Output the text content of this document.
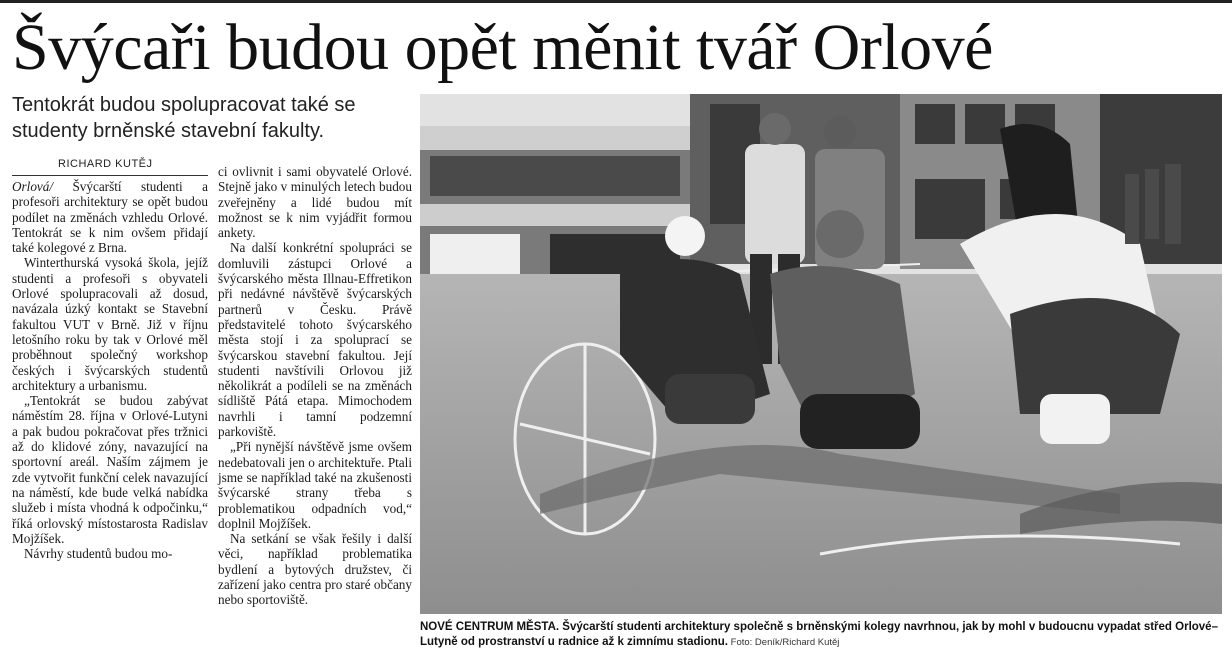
Švýcaři budou opět měnit tvář Orlové
Tentokrát budou spolupracovat také se studenty brněnské stavební fakulty.
RICHARD KUTĚJ

Orlová/ Švýcarští studenti a profesoři architektury se opět budou podílet na změnách vzhledu Orlové. Tentokrát se k nim ovšem přidají také kolegové z Brna.

Winterthurská vysoká škola, jejíž studenti a profesoři s obyvateli Orlové spolupracovali až dosud, navázala úzký kontakt se Stavební fakultou VUT v Brně. Již v říjnu letošního roku by tak v Orlové měl proběhnout společný workshop českých i švýcarských studentů architektury a urbanismu.

„Tentokrát se budou zabývat náměstím 28. října v Orlové-Lutyni a pak budou pokračovat přes tržnici až do klidové zóny, navazující na sportovní areál. Naším zájmem je zde vytvořit funkční celek navazující na náměstí, kde bude velká nabídka služeb i místa vhodná k odpočinku,“ říká orlovský místostarosta Radislav Mojžíšek.

Návrhy studentů budou mo-

ci ovlivnit i sami obyvatelé Orlové. Stejně jako v minulých letech budou zveřejněny a lidé budou mít možnost se k nim vyjádřit formou ankety.

Na další konkrétní spolupráci se domluvili zástupci Orlové a švýcarského města Illnau-Effretikon při nedávné návštěvě švýcarských partnerů v Česku. Právě představitelé tohoto švýcarského města stojí i za spoluprací se švýcarskou stavební fakultou. Její studenti navštívili Orlovou již několikrát a podíleli se na změnách sídliště Pátá etapa. Mimochodem navrhli i tamní podzemní parkoviště.

„Při nynější návštěvě jsme ovšem nedebatovali jen o architektuře. Ptali jsme se například také na zkušenosti švýcarské strany třeba s problematikou odpadních vod,“ doplnil Mojžíšek.

Na setkání se však řešily i další věci, například problematika bydlení a bytových družstev, či zařízení jako centra pro staré občany nebo sportoviště.

NOVÉ CENTRUM MĚSTA. Švýcarští studenti architektury společně s brněnskými kolegy navrhnou, jak by mohl v budoucnu vypadat střed Orlové–Lutyně od prostranství u radnice až k zimnímu stadionu. Foto: Deník/Richard Kutěj
